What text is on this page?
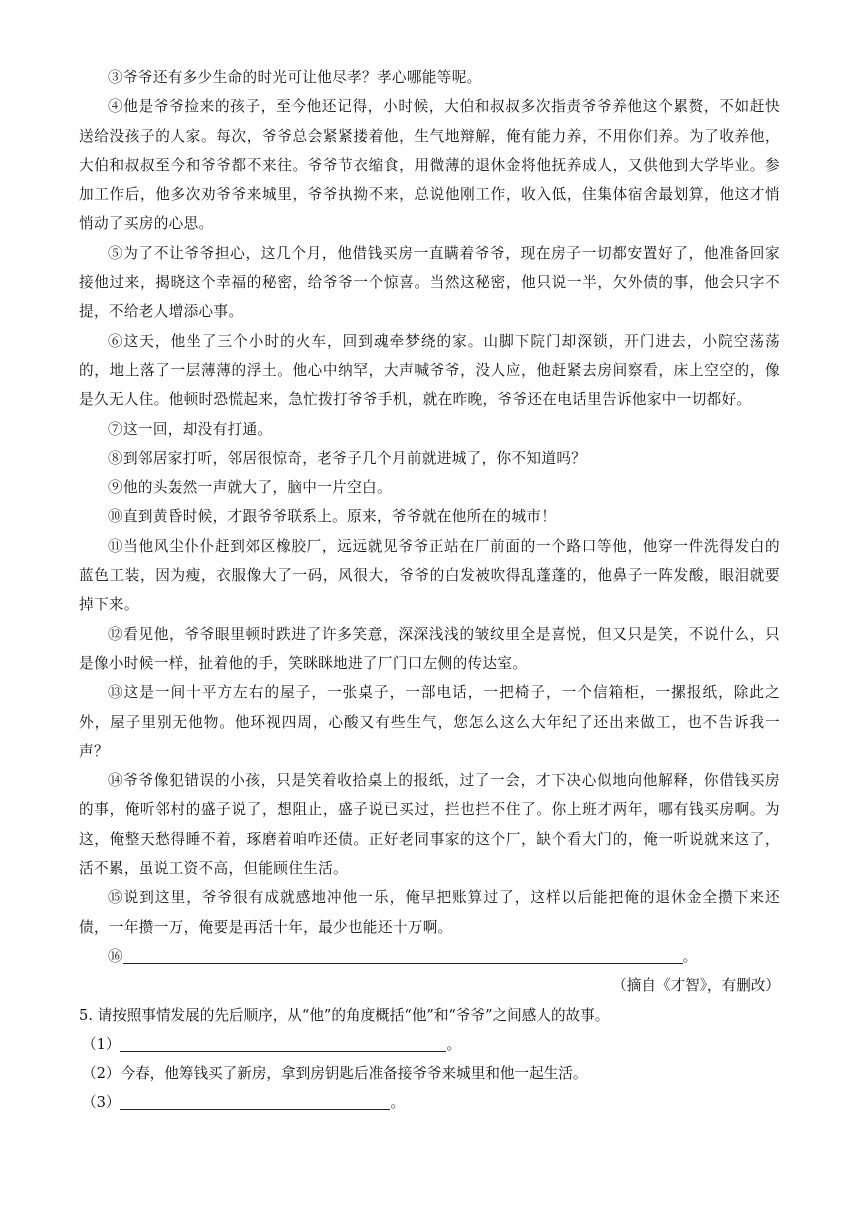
③爷爷还有多少生命的时光可让他尽孝？孝心哪能等呢。

④他是爷爷捡来的孩子，至今他还记得，小时候，大伯和叔叔多次指责爷爷养他这个累赘，不如赶快送给没孩子的人家。每次，爷爷总会紧紧搂着他，生气地辩解，俺有能力养，不用你们养。为了收养他，大伯和叔叔至今和爷爷都不来往。爷爷节衣缩食，用微薄的退休金将他抚养成人，又供他到大学毕业。参加工作后，他多次劝爷爷来城里，爷爷执拗不来，总说他刚工作，收入低，住集体宿舍最划算，他这才悄悄动了买房的心思。

⑤为了不让爷爷担心，这几个月，他借钱买房一直瞒着爷爷，现在房子一切都安置好了，他准备回家接他过来，揭晓这个幸福的秘密，给爷爷一个惊喜。当然这秘密，他只说一半，欠外债的事，他会只字不提，不给老人增添心事。

⑥这天，他坐了三个小时的火车，回到魂牵梦绕的家。山脚下院门却深锁，开门进去，小院空荡荡的，地上落了一层薄薄的浮土。他心中纳罕，大声喊爷爷，没人应，他赶紧去房间察看，床上空空的，像是久无人住。他顿时恐慌起来，急忙拨打爷爷手机，就在昨晚，爷爷还在电话里告诉他家中一切都好。

⑦这一回，却没有打通。

⑧到邻居家打听，邻居很惊奇，老爷子几个月前就进城了，你不知道吗？

⑨他的头轰然一声就大了，脑中一片空白。

⑩直到黄昏时候，才跟爷爷联系上。原来，爷爷就在他所在的城市！

⑪当他风尘仆仆赶到郊区橡胶厂，远远就见爷爷正站在厂前面的一个路口等他，他穿一件洗得发白的蓝色工装，因为瘦，衣服像大了一码，风很大，爷爷的白发被吹得乱蓬蓬的，他鼻子一阵发酸，眼泪就要掉下来。

⑫看见他，爷爷眼里顿时跌进了许多笑意，深深浅浅的皱纹里全是喜悦，但又只是笑，不说什么，只是像小时候一样，扯着他的手，笑眯眯地进了厂门口左侧的传达室。

⑬这是一间十平方左右的屋子，一张桌子，一部电话，一把椅子，一个信箱柜，一摞报纸，除此之外，屋子里别无他物。他环视四周，心酸又有些生气，您怎么这么大年纪了还出来做工，也不告诉我一声？

⑭爷爷像犯错误的小孩，只是笑着收拾桌上的报纸，过了一会，才下决心似地向他解释，你借钱买房的事，俺听邻村的盛子说了，想阻止，盛子说已买过，拦也拦不住了。你上班才两年，哪有钱买房啊。为这，俺整天愁得睡不着，琢磨着咱咋还债。正好老同事家的这个厂，缺个看大门的，俺一听说就来这了，活不累，虽说工资不高，但能顾住生活。

⑮说到这里，爷爷很有成就感地冲他一乐，俺早把账算过了，这样以后能把俺的退休金全攒下来还债，一年攒一万，俺要是再活十年，最少也能还十万啊。

⑯	。

（摘自《才智》，有删改）

5. 请按照事情发展的先后顺序，从“他”的角度概括“他”和“爷爷”之间感人的故事。

（1）	。

（2）今春，他筹钱买了新房，拿到房钥匙后准备接爷爷来城里和他一起生活。

（3）	。
